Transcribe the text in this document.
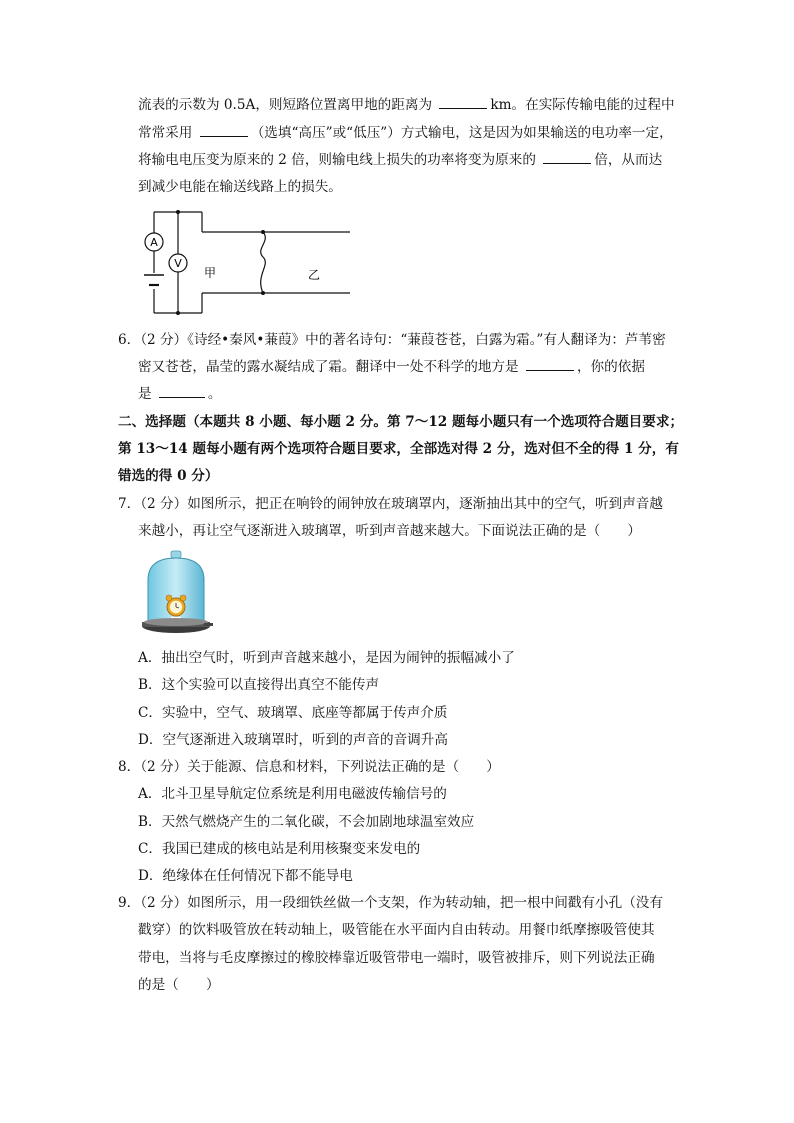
流表的示数为 0.5A，则短路位置离甲地的距离为	km。在实际传输电能的过程中
常常采用	（选填“高压”或“低压”）方式输电，这是因为如果输送的电功率一定，
将输电电压变为原来的 2 倍，则输电线上损失的功率将变为原来的	倍，从而达
到减少电能在输送线路上的损失。
A
V
甲	乙
6．（2 分）《诗经•秦风•蒹葭》中的著名诗句：“蒹葭苍苍，白露为霜。”有人翻译为：芦苇密
密又苍苍，晶莹的露水凝结成了霜。翻译中一处不科学的地方是	，你的依据
是	。
二、选择题（本题共 8 小题、每小题 2 分。第 7～12 题每小题只有一个选项符合题目要求；
第 13～14 题每小题有两个选项符合题目要求，全部选对得 2 分，选对但不全的得 1 分，有
错选的得 0 分）
7．（2 分）如图所示，把正在响铃的闹钟放在玻璃罩内，逐渐抽出其中的空气，听到声音越
来越小，再让空气逐渐进入玻璃罩，听到声音越来越大。下面说法正确的是（　　）
A．抽出空气时，听到声音越来越小，是因为闹钟的振幅减小了
B．这个实验可以直接得出真空不能传声
C．实验中，空气、玻璃罩、底座等都属于传声介质
D．空气逐渐进入玻璃罩时，听到的声音的音调升高
8．（2 分）关于能源、信息和材料，下列说法正确的是（　　）
A．北斗卫星导航定位系统是利用电磁波传输信号的
B．天然气燃烧产生的二氧化碳，不会加剧地球温室效应
C．我国已建成的核电站是利用核聚变来发电的
D．绝缘体在任何情况下都不能导电
9．（2 分）如图所示，用一段细铁丝做一个支架，作为转动轴，把一根中间戳有小孔（没有
戳穿）的饮料吸管放在转动轴上，吸管能在水平面内自由转动。用餐巾纸摩擦吸管使其
带电，当将与毛皮摩擦过的橡胶棒靠近吸管带电一端时，吸管被排斥，则下列说法正确
的是（　　）
